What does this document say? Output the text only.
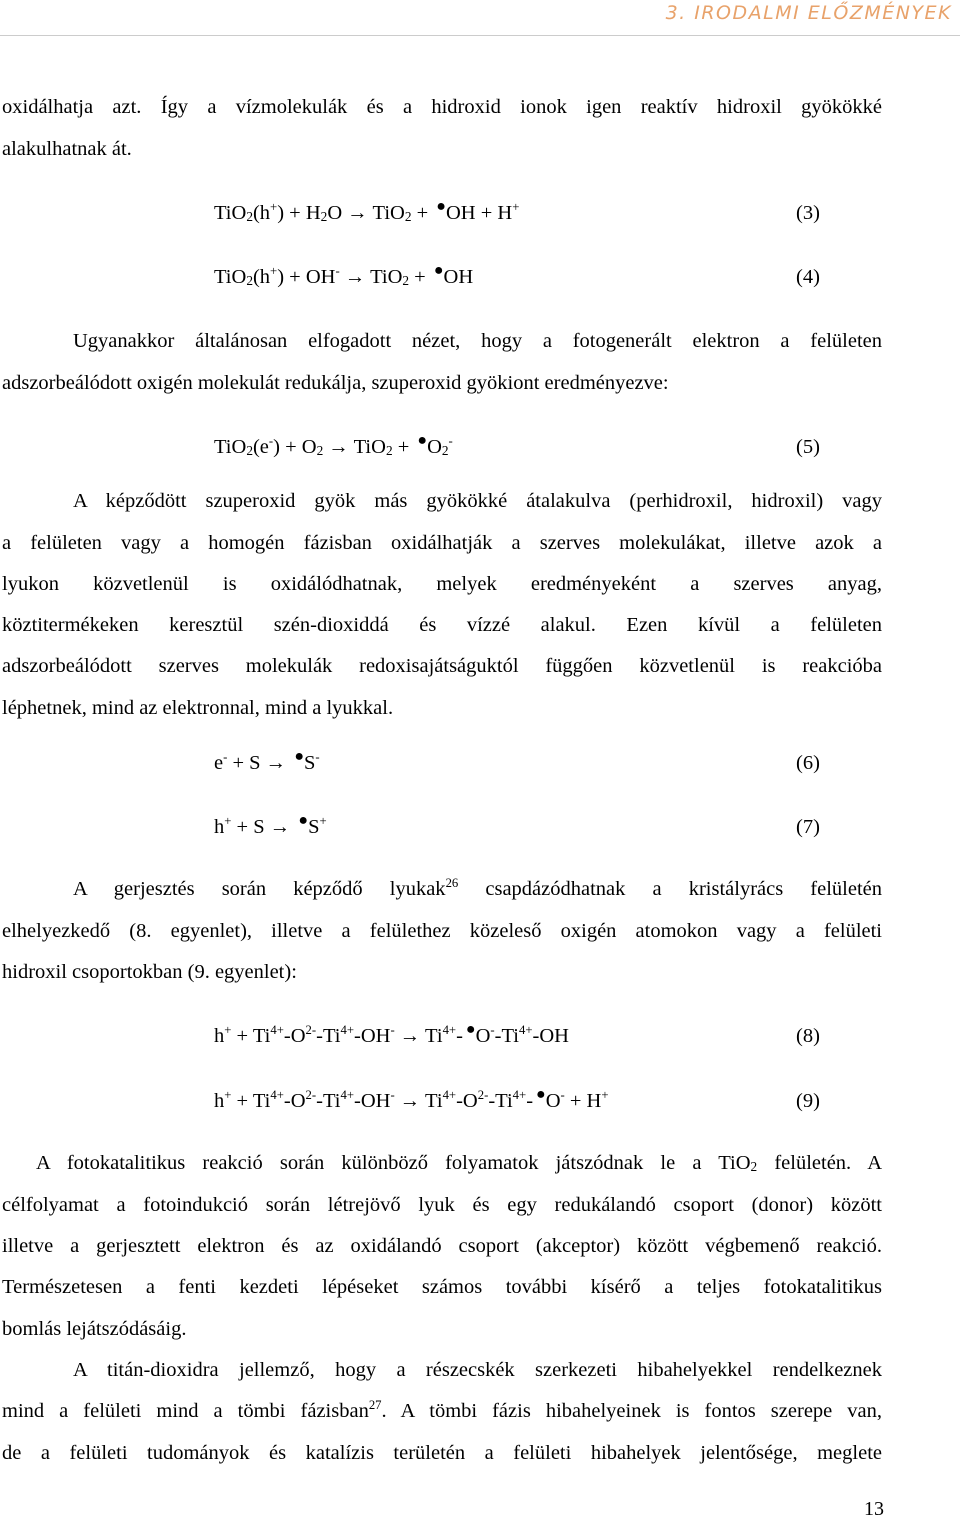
3. IRODALMI ELŐZMÉNYEK

oxidálhatja azt. Így a vízmolekulák és a hidroxid ionok igen reaktív hidroxil gyökökké

alakulhatnak át.

$TiO_2(h^+) + H_2O \to TiO_2 + ^●OH + H^+$	(3)
TiO$_2$(h+) + OH- → TiO$_2$ + ●OH	(4)

Ugyanakkor általánosan elfogadott nézet, hogy a fotogenerált elektron a felületen

adszorbeálódott oxigén molekulát redukálja, szuperoxid gyökiont eredményezve:

$TiO_2(e^-) + O_2 \to TiO_2 + ^●O_2^-$	(5)

A képződött szuperoxid gyök más gyökökké átalakulva (perhidroxil, hidroxil) vagy

a felületen vagy a homogén fázisban oxidálhatják a szerves molekulákat, illetve azok a

lyukon közvetlenül is oxidálódhatnak, melyek eredményeként a szerves anyag,

köztitermékeken keresztül szén-dioxiddá és vízzé alakul. Ezen kívül a felületen

adszorbeálódott szerves molekulák redoxisajátságuktól függően közvetlenül is reakcióba

léphetnek, mind az elektronnal, mind a lyukkal.

e- + S → ●S-	(6)
h+ + S → ●S+	(7)

A gerjesztés során képződő lyukak$^{26}$ csapdázódhatnak a kristályrács felületén

elhelyezkedő (8. egyenlet), illetve a felülethez közeleső oxigén atomokon vagy a felületi

hidroxil csoportokban (9. egyenlet):

$h^+ + Ti^{4+}-O^{2-}-Ti^{4+}-OH^- \to Ti^{4+}-$ $^●O^--Ti^{4+}-OH$	(8)
$h^+ + Ti^{4+}-O^{2-}-Ti^{4+}-OH^- \to Ti^{4+}-O^{2-}-Ti^{4+}-$ ●O- + H+	(9)

A fotokatalitikus reakció során különböző folyamatok játszódnak le a TiO$_2$ felületén. A

célfolyamat a fotoindukció során létrejövő lyuk és egy redukálandó csoport (donor) között

illetve a gerjesztett elektron és az oxidálandó csoport (akceptor) között végbemenő reakció.

Természetesen a fenti kezdeti lépéseket számos további kísérő a teljes fotokatalitikus

bomlás lejátszódásáig.

A titán-dioxidra jellemző, hogy a részecskék szerkezeti hibahelyekkel rendelkeznek

mind a felületi mind a tömbi fázisban$^{27}$. A tömbi fázis hibahelyeinek is fontos szerepe van,

de a felületi tudományok és katalízis területén a felületi hibahelyek jelentősége, meglete

13
